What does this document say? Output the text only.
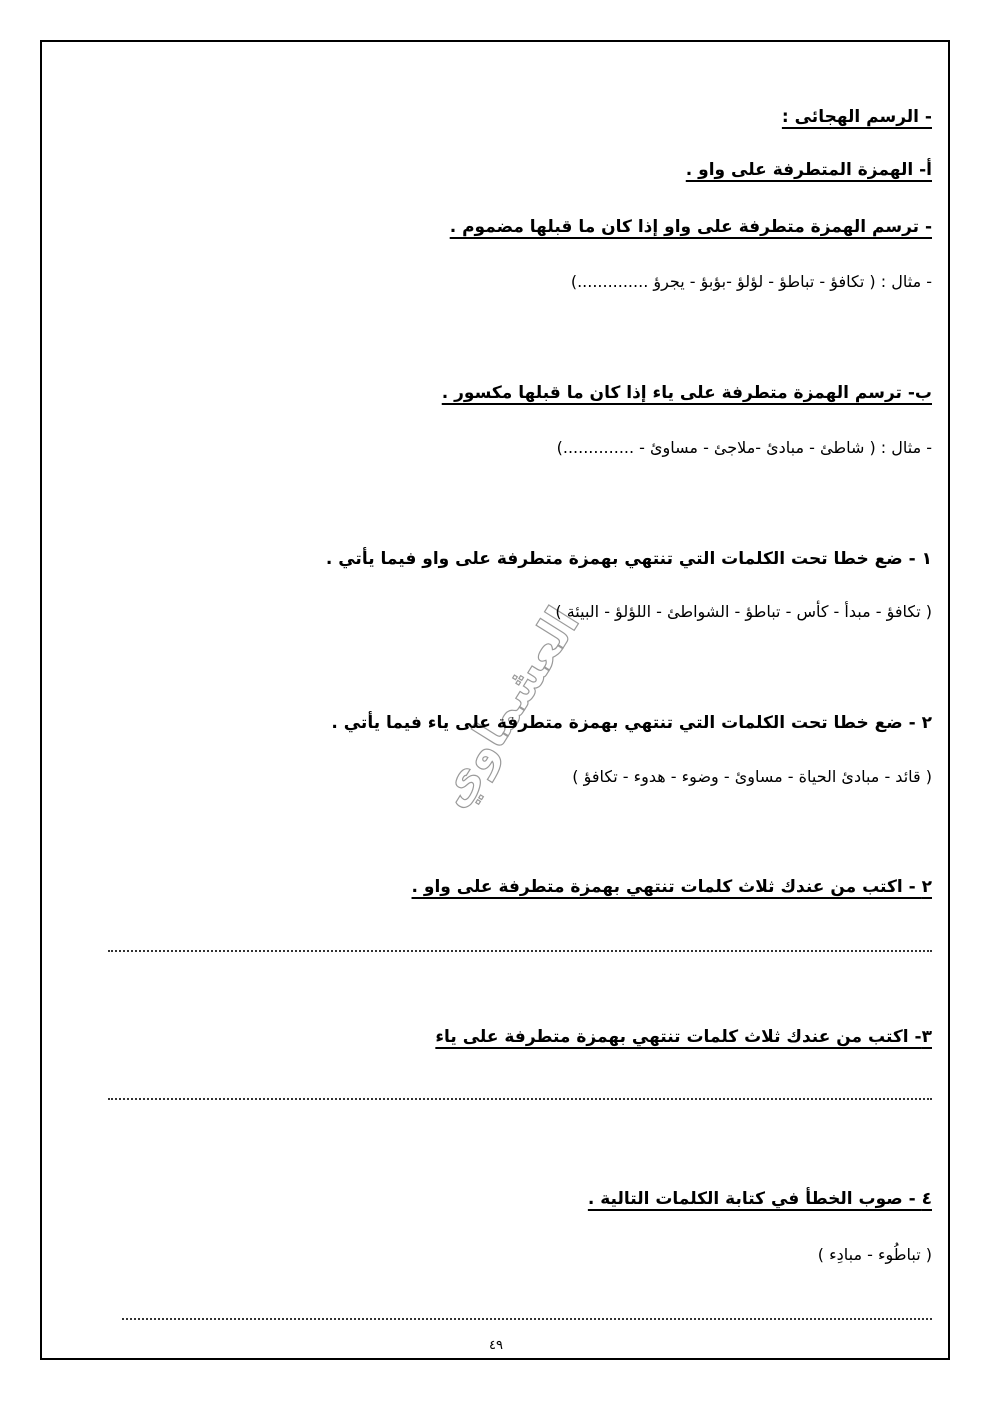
العشماوي
- الرسم الهجائى :
أ- الهمزة المتطرفة على واو .
- ترسم الهمزة متطرفة على واو إذا كان ما قبلها مضموم .
- مثال : ( تكافؤ - تباطؤ - لؤلؤ -بؤبؤ - يجرؤ ..............)
ب- ترسم الهمزة متطرفة على ياء إذا كان ما قبلها مكسور .
- مثال : ( شاطئ - مبادئ -ملاجئ - مساوئ - ..............)
١ - ضع خطا تحت الكلمات التي تنتهي بهمزة متطرفة على واو فيما يأتي .
( تكافؤ - مبدأ - كأس - تباطؤ - الشواطئ - اللؤلؤ - البيئة )
٢ - ضع خطا تحت الكلمات التي تنتهي بهمزة متطرفة على ياء فيما يأتي .
( قائد - مبادئ الحياة - مساوئ - وضوء - هدوء - تكافؤ )
٢ - اكتب من عندك ثلاث كلمات تنتهي بهمزة متطرفة على واو .
٣- اكتب من عندك ثلاث كلمات تنتهي بهمزة متطرفة على ياء
٤ - صوب الخطأ في كتابة الكلمات التالية .
( تباطُوء - مبادِء )
٤٩
